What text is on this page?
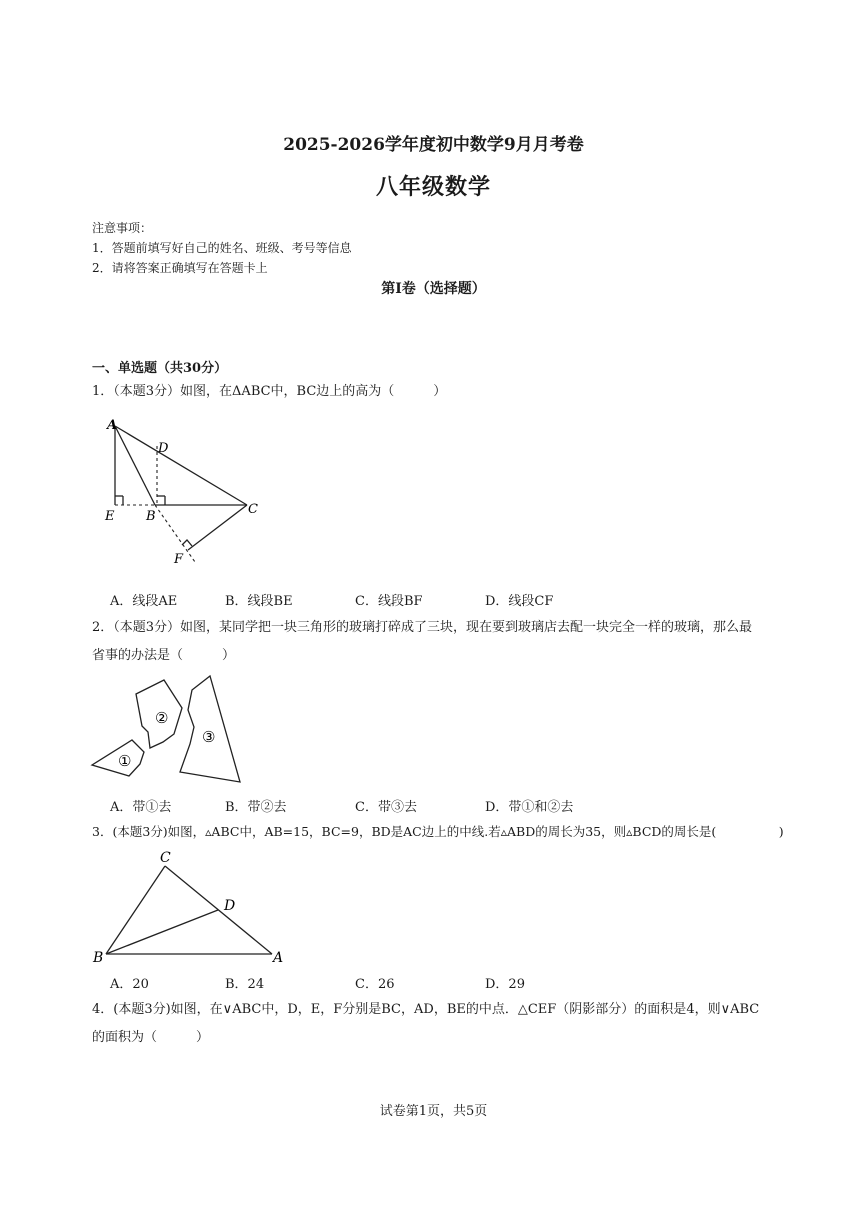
2025-2026学年度初中数学9月月考卷
八年级数学
注意事项：
1．答题前填写好自己的姓名、班级、考号等信息
2．请将答案正确填写在答题卡上
第I卷（选择题）
一、单选题（共30分）
1．（本题3分）如图，在ΔABC中，BC边上的高为（　　　）
A
D
E B	C
F
A．线段AE	B．线段BE	C．线段BF	D．线段CF
2．（本题3分）如图，某同学把一块三角形的玻璃打碎成了三块，现在要到玻璃店去配一块完全一样的玻璃，那么最
省事的办法是（　　　）
①
②
③
A．带①去	B．带②去	C．带③去	D．带①和②去
3．(本题3分)如图，▵ABC中，AB=15，BC=9，BD是AC边上的中线.若▵ABD的周长为35，则▵BCD的周长是(　　　　　)
C
D
B	A
A．20	B．24	C．26	D．29
4．(本题3分)如图，在∨ABC中，D，E，F分别是BC，AD，BE的中点．△CEF（阴影部分）的面积是4，则∨ABC
的面积为（　　　）
试卷第1页，共5页
